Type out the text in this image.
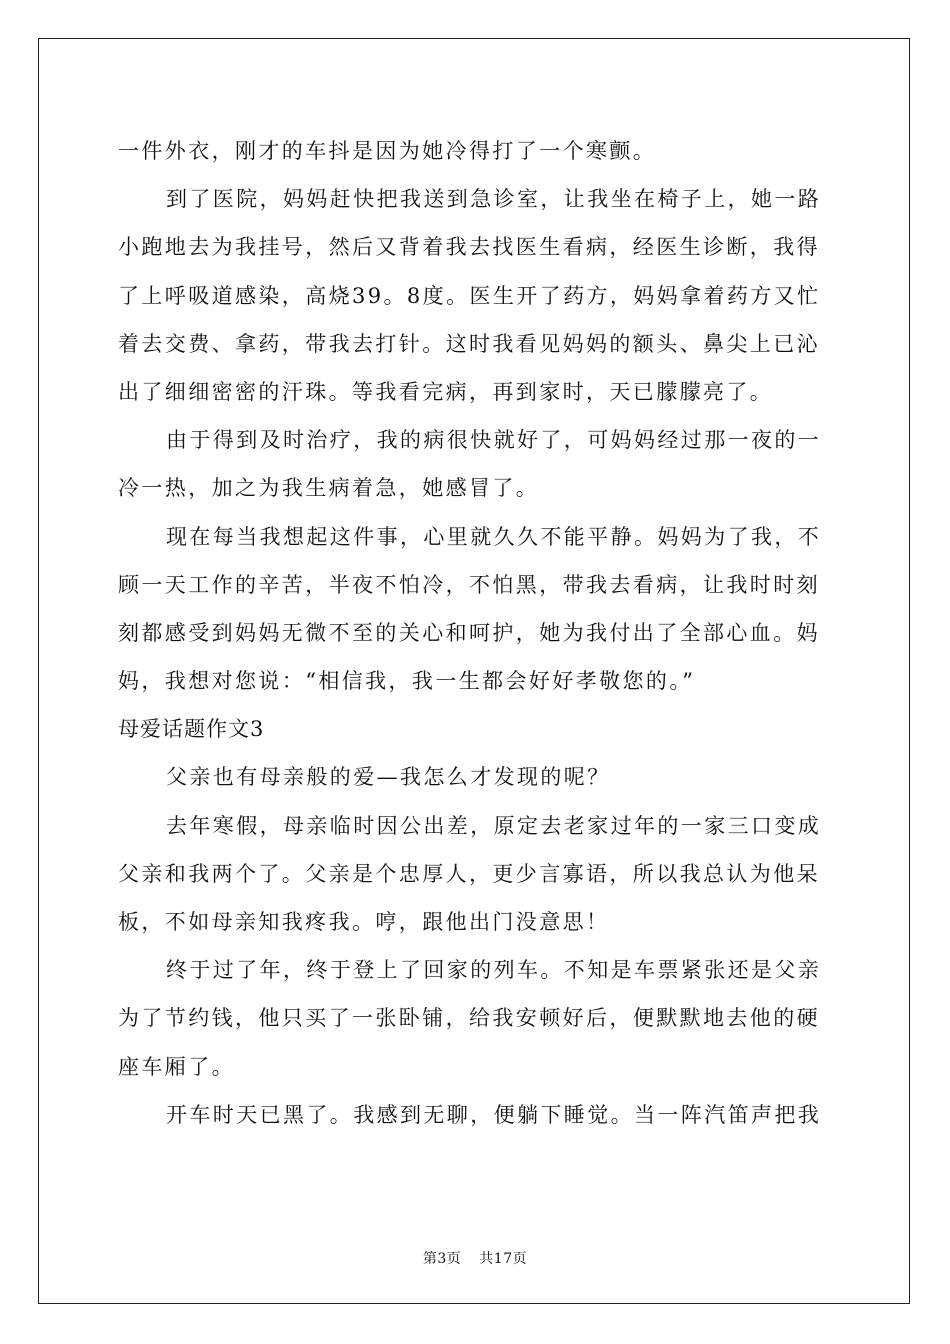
一件外衣，刚才的车抖是因为她冷得打了一个寒颤。
到了医院，妈妈赶快把我送到急诊室，让我坐在椅子上，她一路
小跑地去为我挂号，然后又背着我去找医生看病，经医生诊断，我得
了上呼吸道感染，高烧39。8度。医生开了药方，妈妈拿着药方又忙
着去交费、拿药，带我去打针。这时我看见妈妈的额头、鼻尖上已沁
出了细细密密的汗珠。等我看完病，再到家时，天已朦朦亮了。
由于得到及时治疗，我的病很快就好了，可妈妈经过那一夜的一
冷一热，加之为我生病着急，她感冒了。
现在每当我想起这件事，心里就久久不能平静。妈妈为了我，不
顾一天工作的辛苦，半夜不怕冷，不怕黑，带我去看病，让我时时刻
刻都感受到妈妈无微不至的关心和呵护，她为我付出了全部心血。妈
妈，我想对您说：“相信我，我一生都会好好孝敬您的。”
母爱话题作文3
父亲也有母亲般的爱—我怎么才发现的呢？
去年寒假，母亲临时因公出差，原定去老家过年的一家三口变成
父亲和我两个了。父亲是个忠厚人，更少言寡语，所以我总认为他呆
板，不如母亲知我疼我。哼，跟他出门没意思！
终于过了年，终于登上了回家的列车。不知是车票紧张还是父亲
为了节约钱，他只买了一张卧铺，给我安顿好后，便默默地去他的硬
座车厢了。
开车时天已黑了。我感到无聊，便躺下睡觉。当一阵汽笛声把我
第3页 共17页
